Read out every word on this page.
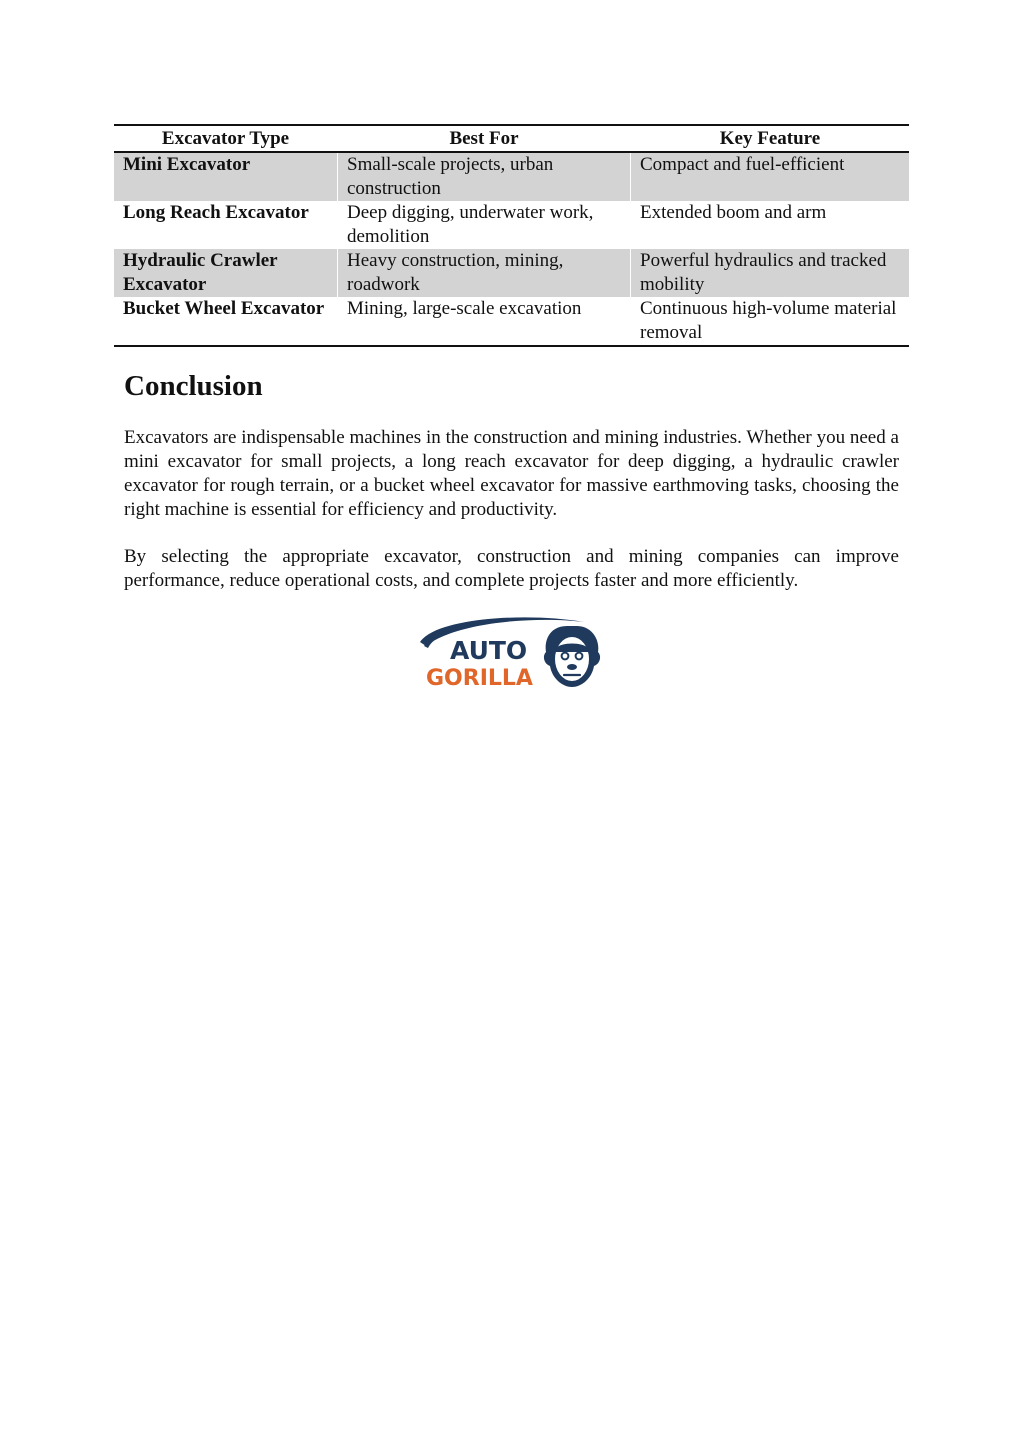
Excavator Type	Best For	Key Feature
Mini Excavator	Small-scale projects, urban construction	Compact and fuel-efficient
Long Reach Excavator	Deep digging, underwater work, demolition	Extended boom and arm
Hydraulic Crawler Excavator	Heavy construction, mining, roadwork	Powerful hydraulics and tracked mobility
Bucket Wheel Excavator	Mining, large-scale excavation	Continuous high-volume material removal
Conclusion

Excavators are indispensable machines in the construction and mining industries. Whether you need a mini excavator for small projects, a long reach excavator for deep digging, a hydraulic crawler excavator for rough terrain, or a bucket wheel excavator for massive earthmoving tasks, choosing the right machine is essential for efficiency and productivity.

By selecting the appropriate excavator, construction and mining companies can improve performance, reduce operational costs, and complete projects faster and more efficiently.

AUTO
GORILLA
